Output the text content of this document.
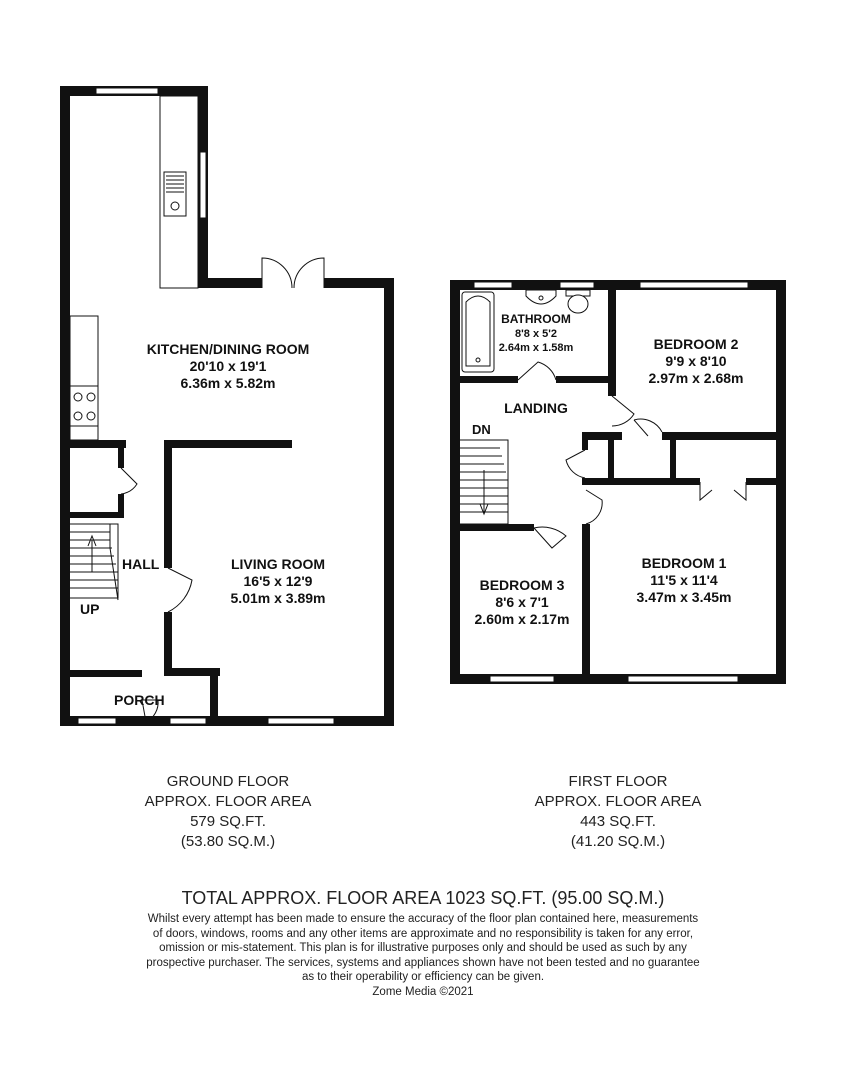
KITCHEN/DINING ROOM
20'10 x 19'1
6.36m x 5.82m
LIVING ROOM
16'5 x 12'9
5.01m x 3.89m
HALL
UP
PORCH
BATHROOM
8'8 x 5'2
2.64m x 1.58m	BEDROOM 2
9'9 x 8'10
2.97m x 2.68m
LANDING
DN
BEDROOM 1
11'5 x 11'4
3.47m x 3.45m
BEDROOM 3
8'6 x 7'1
2.60m x 2.17m
GROUND FLOOR
APPROX. FLOOR AREA
579 SQ.FT.
(53.80 SQ.M.)
FIRST FLOOR
APPROX. FLOOR AREA
443 SQ.FT.
(41.20 SQ.M.)
TOTAL APPROX. FLOOR AREA 1023 SQ.FT. (95.00 SQ.M.)
Whilst every attempt has been made to ensure the accuracy of the floor plan contained here, measurements
of doors, windows, rooms and any other items are approximate and no responsibility is taken for any error,
omission or mis-statement. This plan is for illustrative purposes only and should be used as such by any
prospective purchaser. The services, systems and appliances shown have not been tested and no guarantee
as to their operability or efficiency can be given.
Zome Media ©2021
